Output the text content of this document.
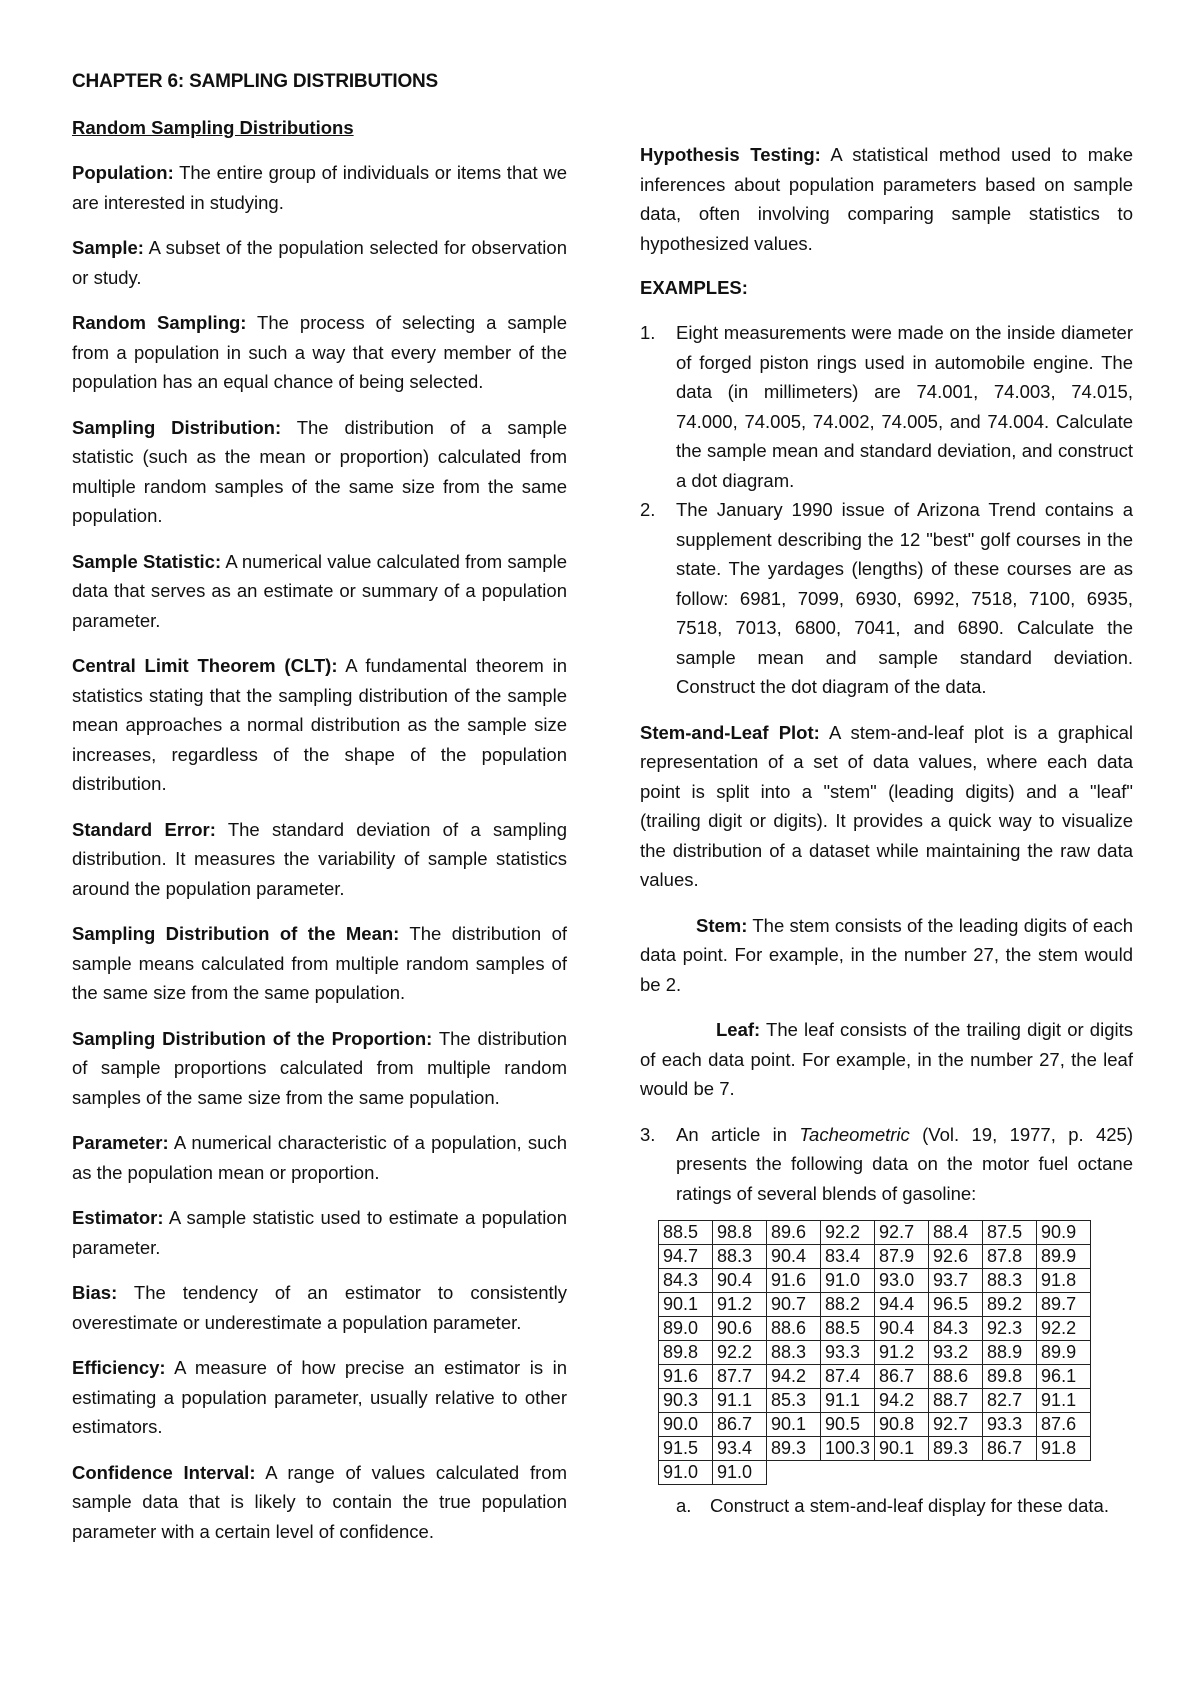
CHAPTER 6: SAMPLING DISTRIBUTIONS
Random Sampling Distributions

Population: The entire group of individuals or items that we are interested in studying.

Sample: A subset of the population selected for observation or study.

Random Sampling: The process of selecting a sample from a population in such a way that every member of the population has an equal chance of being selected.

Sampling Distribution: The distribution of a sample statistic (such as the mean or proportion) calculated from multiple random samples of the same size from the same population.

Sample Statistic: A numerical value calculated from sample data that serves as an estimate or summary of a population parameter.

Central Limit Theorem (CLT): A fundamental theorem in statistics stating that the sampling distribution of the sample mean approaches a normal distribution as the sample size increases, regardless of the shape of the population distribution.

Standard Error: The standard deviation of a sampling distribution. It measures the variability of sample statistics around the population parameter.

Sampling Distribution of the Mean: The distribution of sample means calculated from multiple random samples of the same size from the same population.

Sampling Distribution of the Proportion: The distribution of sample proportions calculated from multiple random samples of the same size from the same population.

Parameter: A numerical characteristic of a population, such as the population mean or proportion.

Estimator: A sample statistic used to estimate a population parameter.

Bias: The tendency of an estimator to consistently overestimate or underestimate a population parameter.

Efficiency: A measure of how precise an estimator is in estimating a population parameter, usually relative to other estimators.

Confidence Interval: A range of values calculated from sample data that is likely to contain the true population parameter with a certain level of confidence.

Hypothesis Testing: A statistical method used to make inferences about population parameters based on sample data, often involving comparing sample statistics to hypothesized values.

EXAMPLES:
1. Eight measurements were made on the inside diameter of forged piston rings used in automobile engine. The data (in millimeters) are 74.001, 74.003, 74.015, 74.000, 74.005, 74.002, 74.005, and 74.004. Calculate the sample mean and standard deviation, and construct a dot diagram.
2. The January 1990 issue of Arizona Trend contains a supplement describing the 12 "best" golf courses in the state. The yardages (lengths) of these courses are as follow: 6981, 7099, 6930, 6992, 7518, 7100, 6935, 7518, 7013, 6800, 7041, and 6890. Calculate the sample mean and sample standard deviation. Construct the dot diagram of the data.

Stem-and-Leaf Plot: A stem-and-leaf plot is a graphical representation of a set of data values, where each data point is split into a "stem" (leading digits) and a "leaf" (trailing digit or digits). It provides a quick way to visualize the distribution of a dataset while maintaining the raw data values.

Stem: The stem consists of the leading digits of each data point. For example, in the number 27, the stem would be 2.

Leaf: The leaf consists of the trailing digit or digits of each data point. For example, in the number 27, the leaf would be 7.

3. An article in Tacheometric (Vol. 19, 1977, p. 425) presents the following data on the motor fuel octane ratings of several blends of gasoline:
88.5	98.8	89.6	92.2	92.7	88.4	87.5	90.9
94.7	88.3	90.4	83.4	87.9	92.6	87.8	89.9
84.3	90.4	91.6	91.0	93.0	93.7	88.3	91.8
90.1	91.2	90.7	88.2	94.4	96.5	89.2	89.7
89.0	90.6	88.6	88.5	90.4	84.3	92.3	92.2
89.8	92.2	88.3	93.3	91.2	93.2	88.9	89.9
91.6	87.7	94.2	87.4	86.7	88.6	89.8	96.1
90.3	91.1	85.3	91.1	94.2	88.7	82.7	91.1
90.0	86.7	90.1	90.5	90.8	92.7	93.3	87.6
91.5	93.4	89.3	100.3	90.1	89.3	86.7	91.8
91.0	91.0						
a. Construct a stem-and-leaf display for these data.
